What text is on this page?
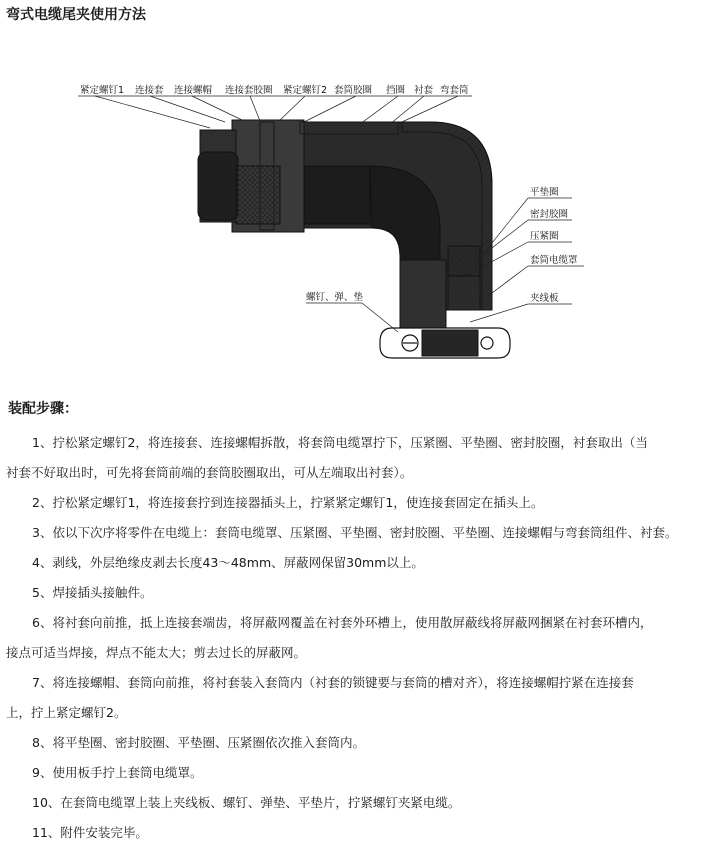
弯式电缆尾夹使用方法
紧定螺钉1 连接套 连接螺帽 连接套胶圈 紧定螺钉2 套筒胶圈 挡圈 衬套 弯套筒
平垫圈
密封胶圈
压紧圈
套筒电缆罩
夹线板
螺钉、弹、垫
装配步骤：

1、拧松紧定螺钉2，将连接套、连接螺帽拆散，将套筒电缆罩拧下，压紧圈、平垫圈、密封胶圈，衬套取出（当

衬套不好取出时，可先将套筒前端的套筒胶圈取出，可从左端取出衬套）。

2、拧松紧定螺钉1，将连接套拧到连接器插头上，拧紧紧定螺钉1，使连接套固定在插头上。

3、依以下次序将零件在电缆上：套筒电缆罩、压紧圈、平垫圈、密封胶圈、平垫圈、连接螺帽与弯套筒组件、衬套。

4、剥线，外层绝缘皮剥去长度43～48mm、屏蔽网保留30mm以上。

5、焊接插头接触件。

6、将衬套向前推，抵上连接套端齿，将屏蔽网覆盖在衬套外环槽上，使用散屏蔽线将屏蔽网捆紧在衬套环槽内，

接点可适当焊接，焊点不能太大；剪去过长的屏蔽网。

7、将连接螺帽、套筒向前推，将衬套装入套筒内（衬套的锁键要与套筒的槽对齐），将连接螺帽拧紧在连接套

上，拧上紧定螺钉2。

8、将平垫圈、密封胶圈、平垫圈、压紧圈依次推入套筒内。

9、使用板手拧上套筒电缆罩。

10、在套筒电缆罩上装上夹线板、螺钉、弹垫、平垫片，拧紧螺钉夹紧电缆。

11、附件安装完毕。
